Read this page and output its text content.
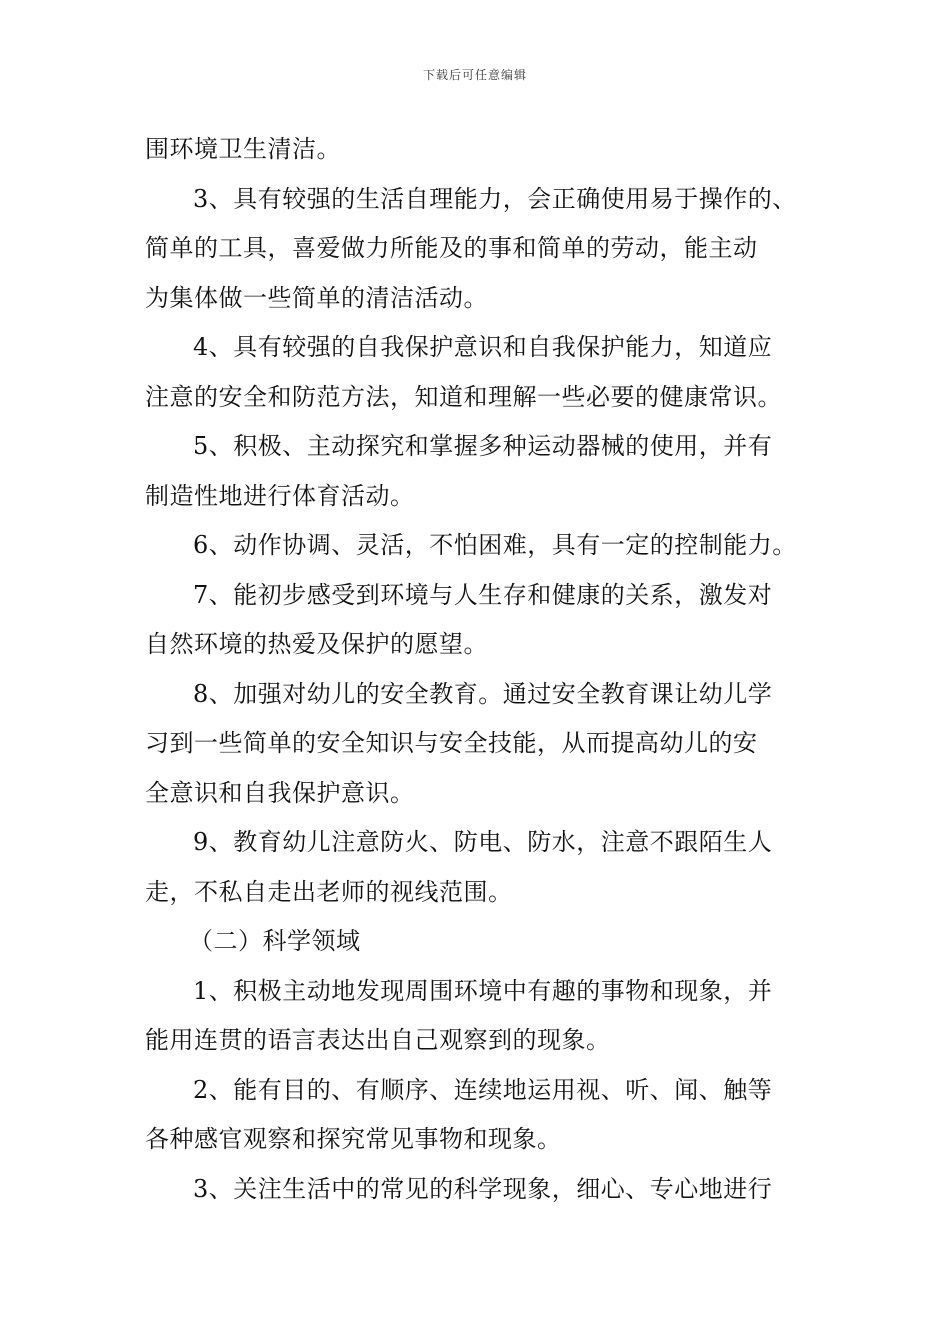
下载后可任意编辑
围环境卫生清洁。
3、具有较强的生活自理能力，会正确使用易于操作的、
简单的工具，喜爱做力所能及的事和简单的劳动，能主动
为集体做一些简单的清洁活动。
4、具有较强的自我保护意识和自我保护能力，知道应
注意的安全和防范方法，知道和理解一些必要的健康常识。
5、积极、主动探究和掌握多种运动器械的使用，并有
制造性地进行体育活动。
6、动作协调、灵活，不怕困难，具有一定的控制能力。
7、能初步感受到环境与人生存和健康的关系，激发对
自然环境的热爱及保护的愿望。
8、加强对幼儿的安全教育。通过安全教育课让幼儿学
习到一些简单的安全知识与安全技能，从而提高幼儿的安
全意识和自我保护意识。
9、教育幼儿注意防火、防电、防水，注意不跟陌生人
走，不私自走出老师的视线范围。
（二）科学领域
1、积极主动地发现周围环境中有趣的事物和现象，并
能用连贯的语言表达出自己观察到的现象。
2、能有目的、有顺序、连续地运用视、听、闻、触等
各种感官观察和探究常见事物和现象。
3、关注生活中的常见的科学现象，细心、专心地进行
